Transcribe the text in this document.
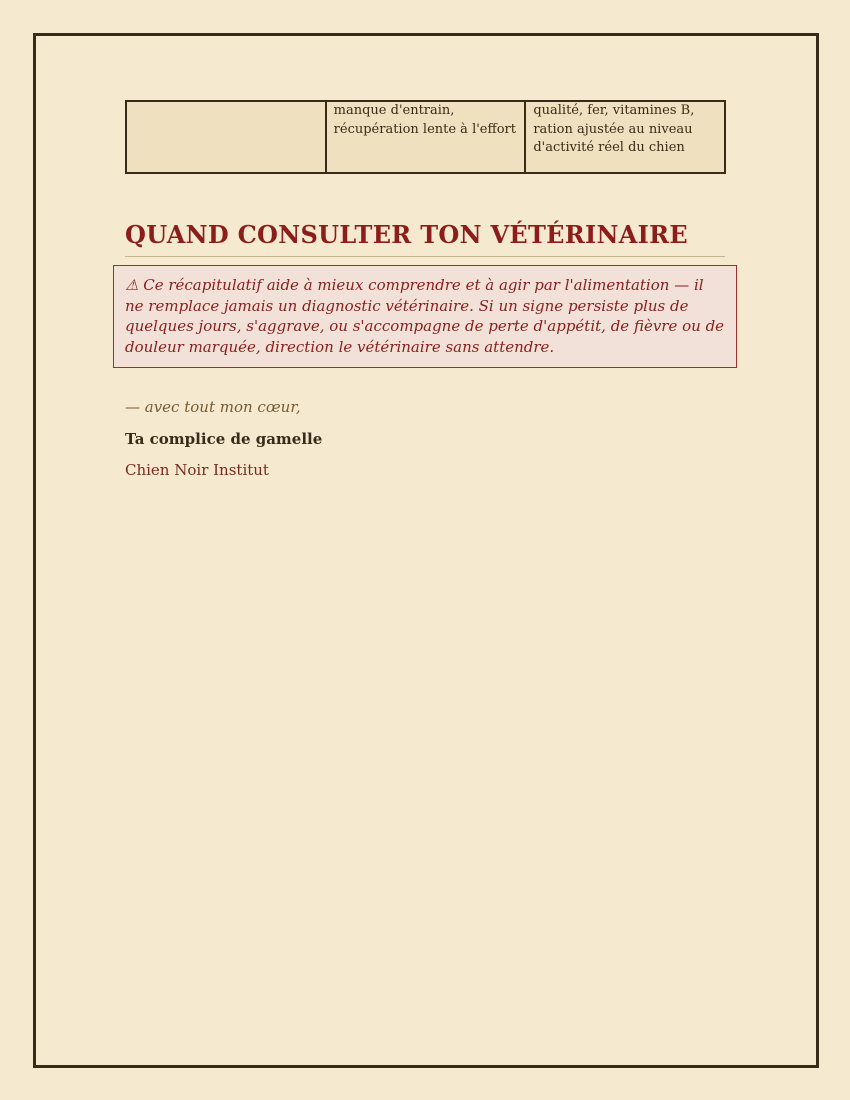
	manque d'entrain, récupération lente à l'effort	qualité, fer, vitamines B, ration ajustée au niveau d'activité réel du chien
QUAND CONSULTER TON VÉTÉRINAIRE
⚠ Ce récapitulatif aide à mieux comprendre et à agir par l'alimentation — il ne remplace jamais un diagnostic vétérinaire. Si un signe persiste plus de quelques jours, s'aggrave, ou s'accompagne de perte d'appétit, de fièvre ou de douleur marquée, direction le vétérinaire sans attendre.
— avec tout mon cœur,
Ta complice de gamelle
Chien Noir Institut
